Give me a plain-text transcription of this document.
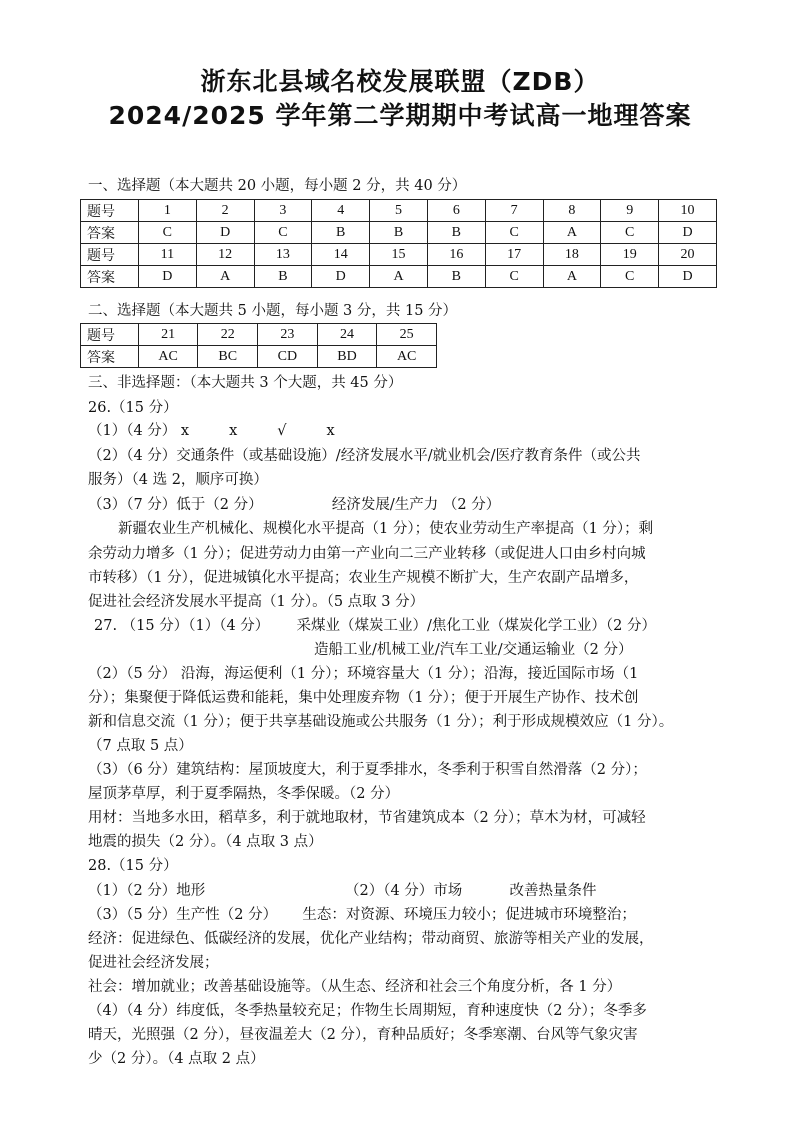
浙东北县域名校发展联盟（ZDB）
2024/2025 学年第二学期期中考试高一地理答案

一、选择题（本大题共 20 小题，每小题 2 分，共 40 分）

题号	1	2	3	4	5	6	7	8	9	10
答案	C	D	C	B	B	B	C	A	C	D
题号	11	12	13	14	15	16	17	18	19	20
答案	D	A	B	D	A	B	C	A	C	D

二、选择题（本大题共 5 小题，每小题 3 分，共 15 分）

题号	21	22	23	24	25
答案	AC	BC	CD	BD	AC

三、非选择题：（本大题共 3 个大题，共 45 分）

26.（15 分）

（1）（4 分） x	x	√	x

（2）（4 分）交通条件（或基础设施）/经济发展水平/就业机会/医疗教育条件（或公共

服务）（4 选 2，顺序可换）

（3）（7 分）低于（2 分）	经济发展/生产力 （2 分）

新疆农业生产机械化、规模化水平提高（1 分）；使农业劳动生产率提高（1 分）；剩

余劳动力增多（1 分）；促进劳动力由第一产业向二三产业转移（或促进人口由乡村向城

市转移）（1 分），促进城镇化水平提高；农业生产规模不断扩大，生产农副产品增多，

促进社会经济发展水平提高（1 分）。（5 点取 3 分）

27. （15 分）（1）（4 分） 采煤业（煤炭工业）/焦化工业（煤炭化学工业）（2 分）

造船工业/机械工业/汽车工业/交通运输业（2 分）

（2）（5 分） 沿海，海运便利（1 分）；环境容量大（1 分）；沿海，接近国际市场（1

分）；集聚便于降低运费和能耗，集中处理废弃物（1 分）；便于开展生产协作、技术创

新和信息交流（1 分）；便于共享基础设施或公共服务（1 分）；利于形成规模效应（1 分）。

（7 点取 5 点）

（3）（6 分）建筑结构：屋顶坡度大，利于夏季排水，冬季利于积雪自然滑落（2 分）；

屋顶茅草厚，利于夏季隔热，冬季保暖。（2 分）

用材：当地多水田，稻草多，利于就地取材，节省建筑成本（2 分）；草木为材，可减轻

地震的损失（2 分）。（4 点取 3 点）

28.（15 分）

（1）（2 分）地形	（2）（4 分）市场	改善热量条件

（3）（5 分）生产性（2 分） 生态：对资源、环境压力较小；促进城市环境整治；

经济：促进绿色、低碳经济的发展，优化产业结构；带动商贸、旅游等相关产业的发展，

促进社会经济发展；

社会：增加就业；改善基础设施等。（从生态、经济和社会三个角度分析，各 1 分）

（4）（4 分）纬度低，冬季热量较充足；作物生长周期短，育种速度快（2 分）；冬季多

晴天，光照强（2 分），昼夜温差大（2 分），育种品质好；冬季寒潮、台风等气象灾害

少（2 分）。（4 点取 2 点）
